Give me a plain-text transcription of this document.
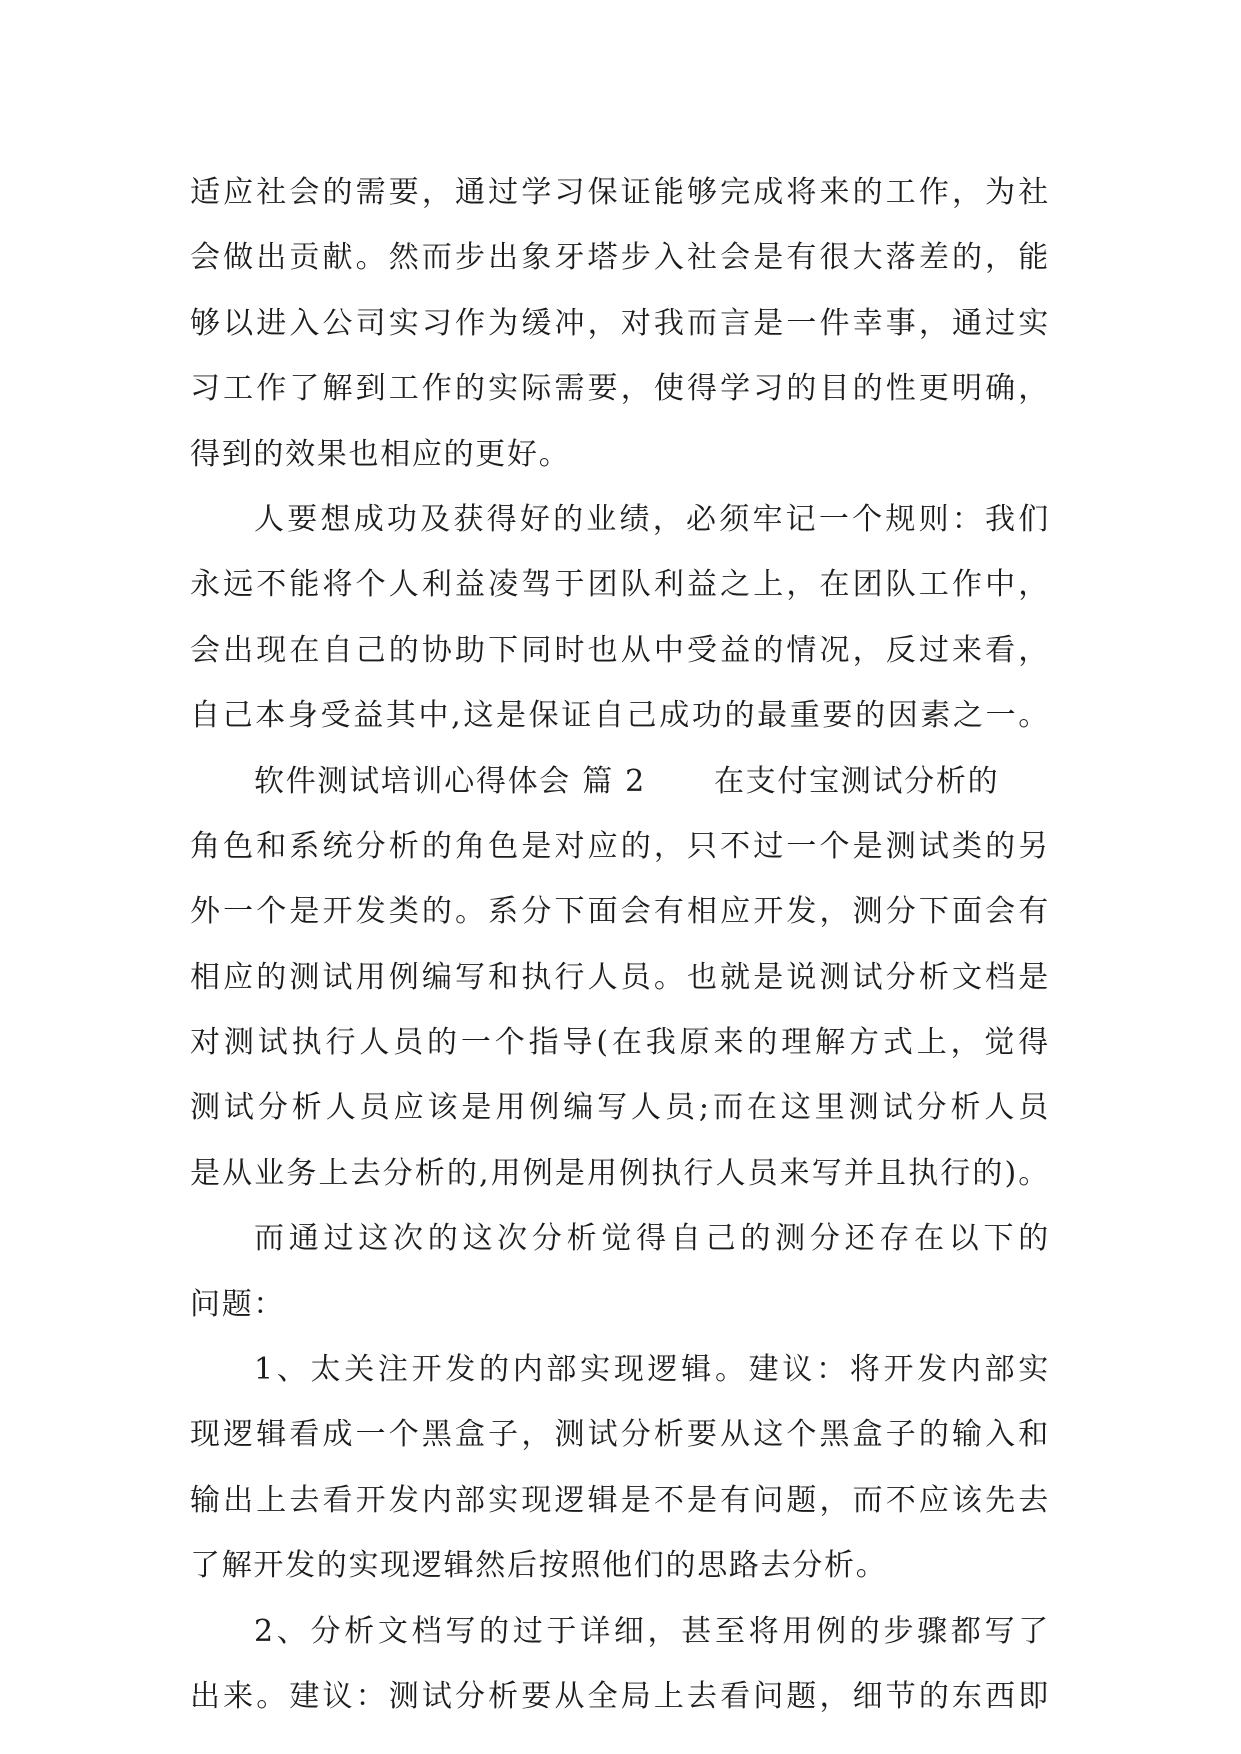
适应社会的需要，通过学习保证能够完成将来的工作，为社
会做出贡献。然而步出象牙塔步入社会是有很大落差的，能
够以进入公司实习作为缓冲，对我而言是一件幸事，通过实
习工作了解到工作的实际需要，使得学习的目的性更明确，
得到的效果也相应的更好。

人要想成功及获得好的业绩，必须牢记一个规则：我们
永远不能将个人利益凌驾于团队利益之上，在团队工作中，
会出现在自己的协助下同时也从中受益的情况，反过来看，
自己本身受益其中,这是保证自己成功的最重要的因素之一。

软件测试培训心得体会 篇 2 在支付宝测试分析的
角色和系统分析的角色是对应的，只不过一个是测试类的另
外一个是开发类的。系分下面会有相应开发，测分下面会有
相应的测试用例编写和执行人员。也就是说测试分析文档是
对测试执行人员的一个指导(在我原来的理解方式上，觉得
测试分析人员应该是用例编写人员;而在这里测试分析人员
是从业务上去分析的,用例是用例执行人员来写并且执行的)。

而通过这次的这次分析觉得自己的测分还存在以下的
问题：

1、太关注开发的内部实现逻辑。建议：将开发内部实
现逻辑看成一个黑盒子，测试分析要从这个黑盒子的输入和
输出上去看开发内部实现逻辑是不是有问题，而不应该先去
了解开发的实现逻辑然后按照他们的思路去分析。

2、分析文档写的过于详细，甚至将用例的步骤都写了
出来。建议：测试分析要从全局上去看问题，细节的东西即
